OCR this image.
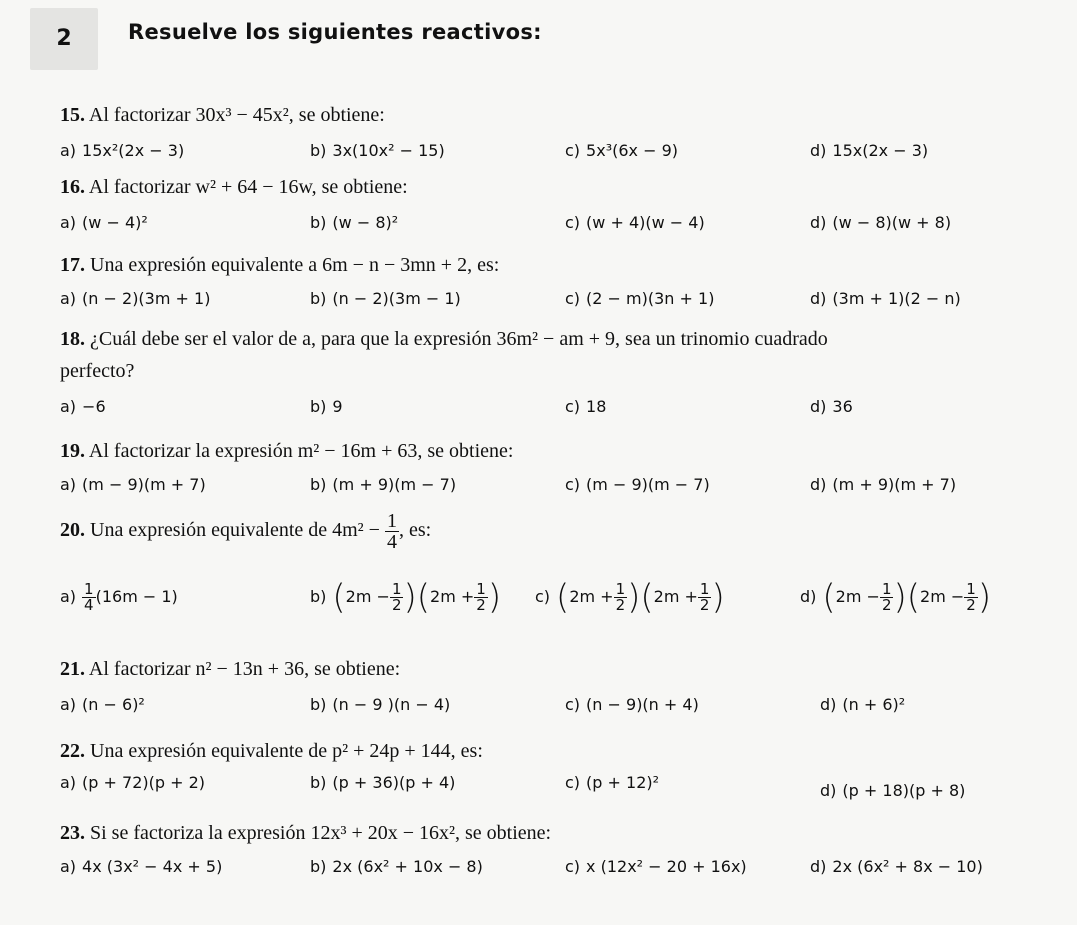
2	Resuelve los siguientes reactivos:
15. Al factorizar 30x³ − 45x², se obtiene:
a) 15x²(2x − 3)	b) 3x(10x² − 15)	c) 5x³(6x − 9)	d) 15x(2x − 3)
16. Al factorizar w² + 64 − 16w, se obtiene:
a) (w − 4)²	b) (w − 8)²	c) (w + 4)(w − 4)	d) (w − 8)(w + 8)
17. Una expresión equivalente a 6m − n − 3mn + 2, es:
a) (n − 2)(3m + 1)	b) (n − 2)(3m − 1)	c) (2 − m)(3n + 1)	d) (3m + 1)(2 − n)
18. ¿Cuál debe ser el valor de a, para que la expresión 36m² − am + 9, sea un trinomio cuadrado
perfecto?
a) −6	b) 9	c) 18	d) 36
19. Al factorizar la expresión m² − 16m + 63, se obtiene:
a) (m − 9)(m + 7)	b) (m + 9)(m − 7)	c) (m − 9)(m − 7)	d) (m + 9)(m + 7)
20. Una expresión equivalente de $4m^2 - \frac{1}{4}$ , es:
$a) \frac{1}{4} (16m - 1)$	b) $(2m - \frac{1}{2} )(2m + \frac{1}{2}$ ) c) $(2m + \frac{1}{2} )(2m + \frac{1}{2}$ )	d) $(2m - \frac{1}{2} )(2m - \frac{1}{2}$ )
21. Al factorizar n² − 13n + 36, se obtiene:
a) (n − 6)²	b) (n − 9 )(n − 4)	c) (n − 9)(n + 4)	d) (n + 6)²
22. Una expresión equivalente de p² + 24p + 144, es:
a) (p + 72)(p + 2)	b) (p + 36)(p + 4)	c) (p + 12)²	d) (p + 18)(p + 8)
23. Si se factoriza la expresión 12x³ + 20x − 16x², se obtiene:
a) 4x (3x² − 4x + 5)	b) 2x (6x² + 10x − 8)	c) x (12x² − 20 + 16x)	d) 2x (6x² + 8x − 10)
